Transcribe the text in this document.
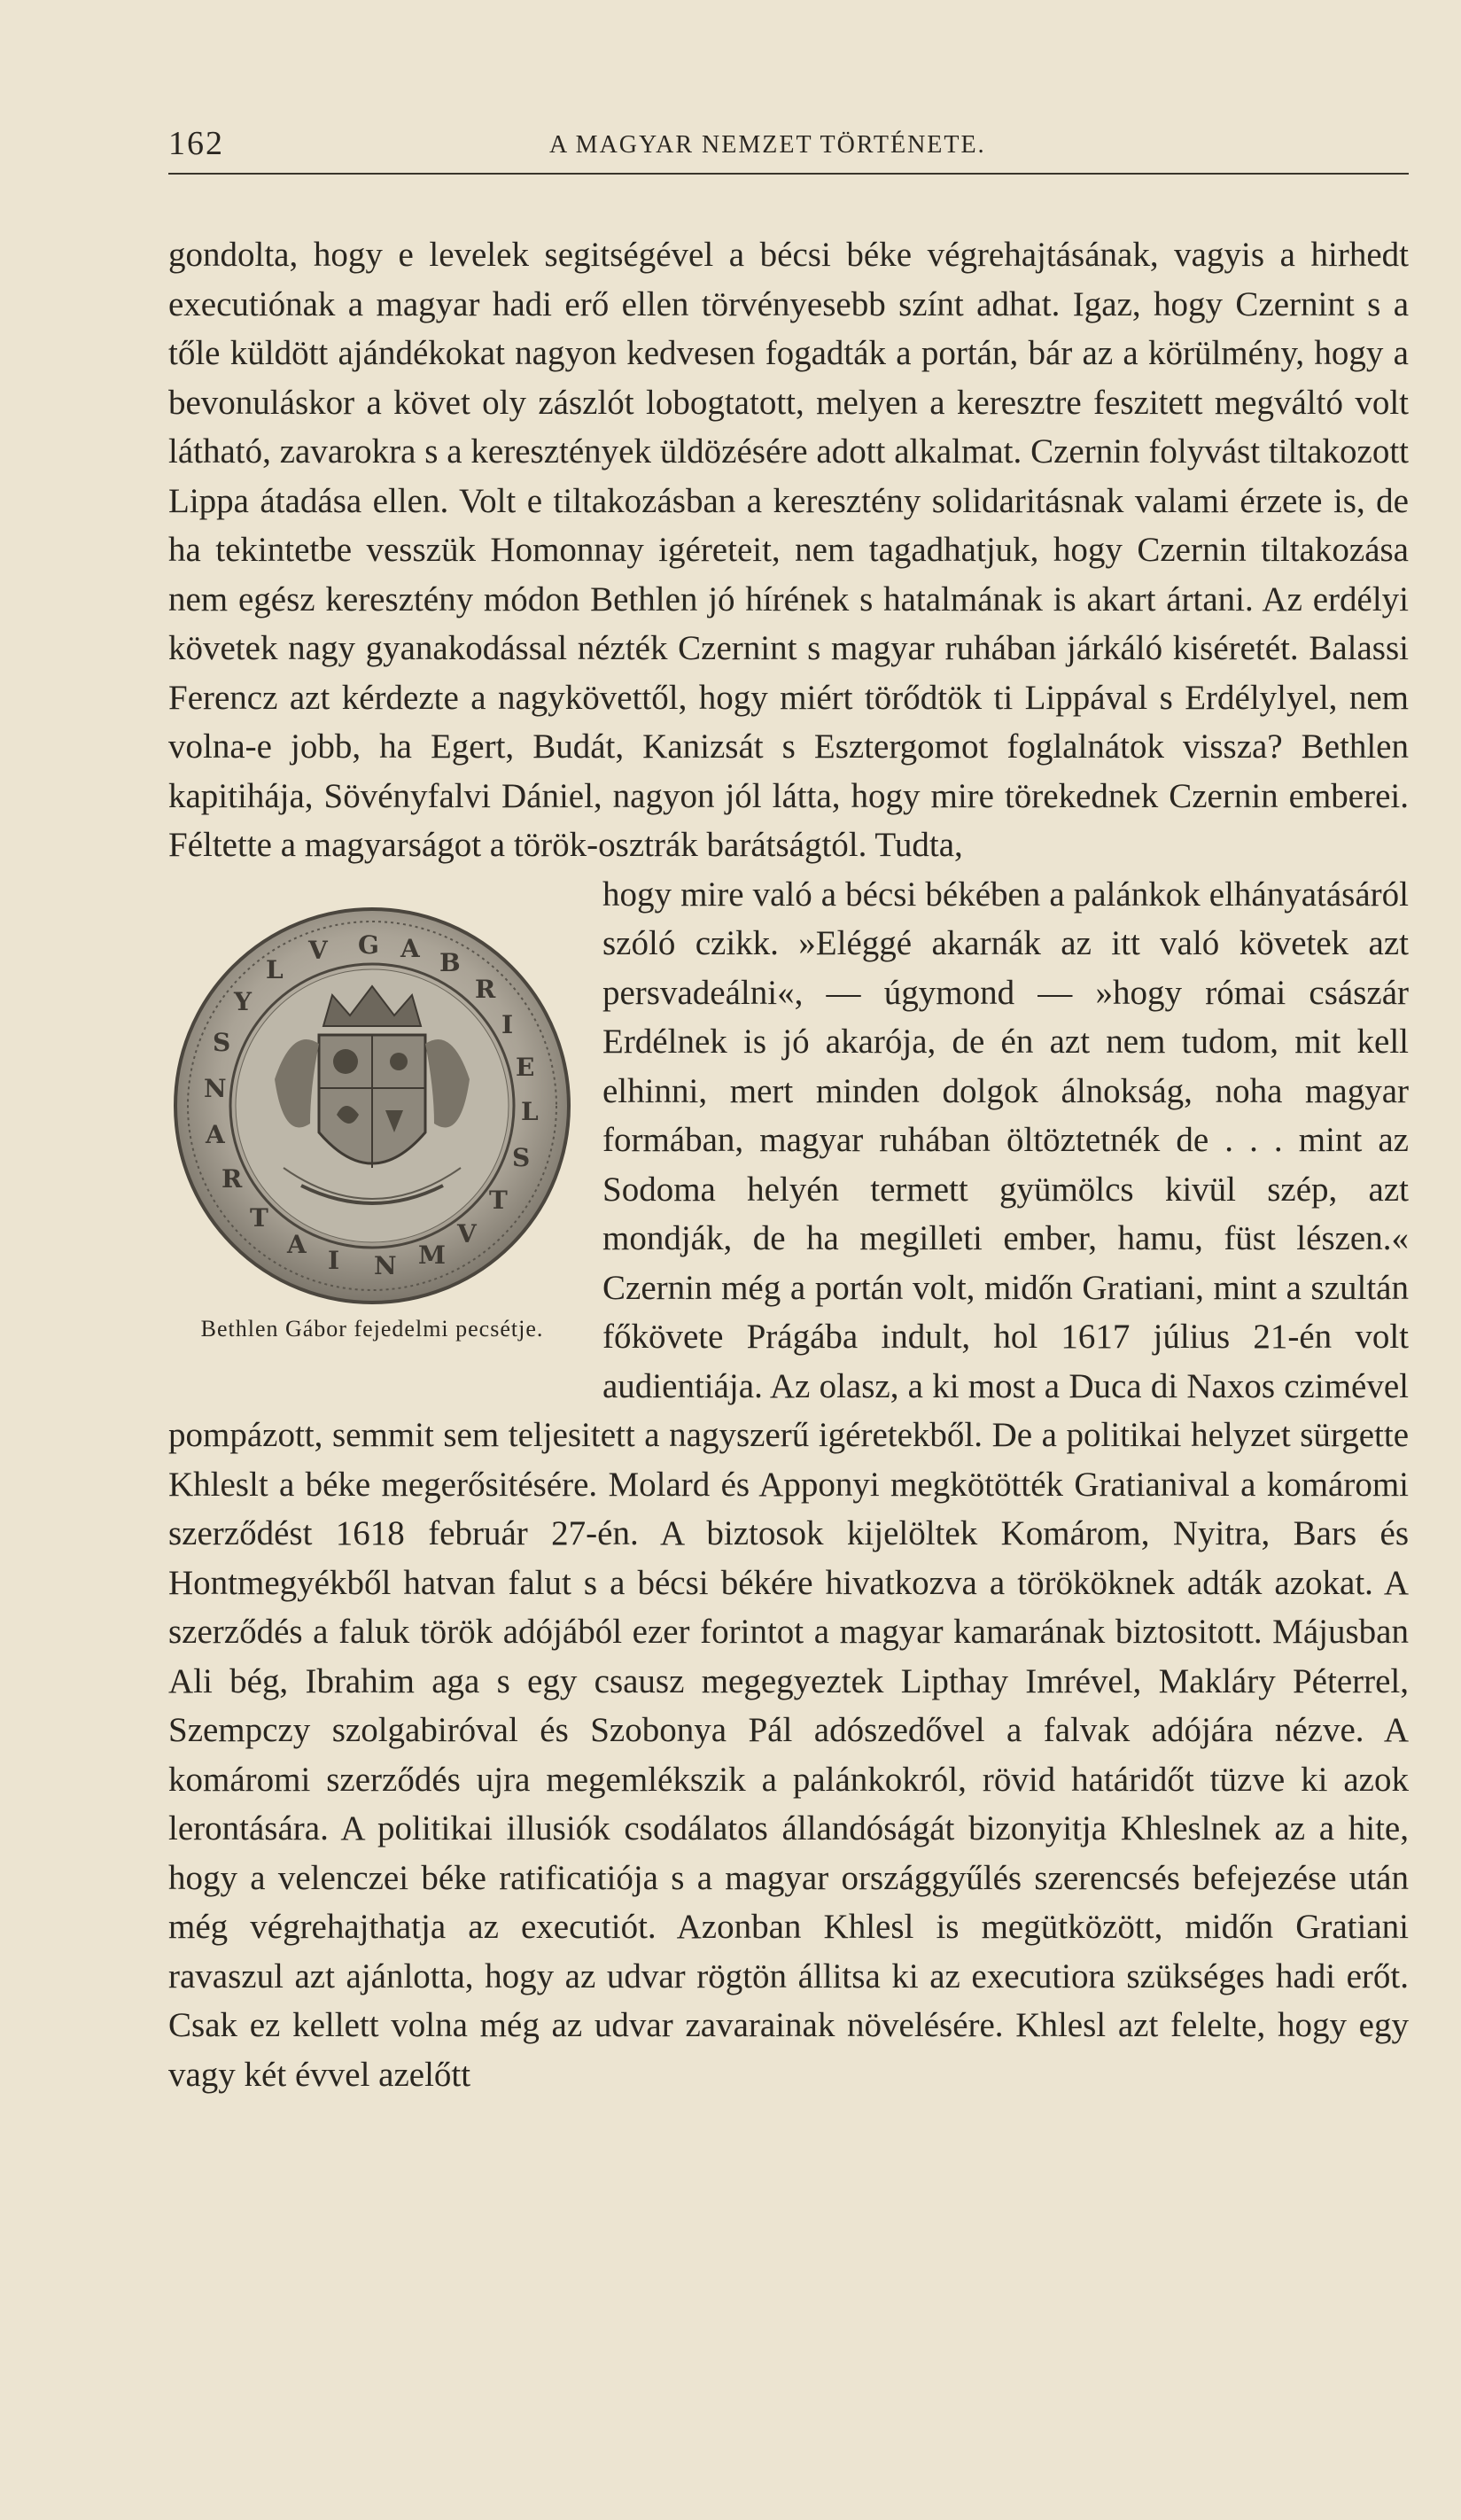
162	A MAGYAR NEMZET TÖRTÉNETE.

gondolta, hogy e levelek segitségével a bécsi béke végrehajtásának, vagyis a hirhedt executiónak a magyar hadi erő ellen törvényesebb színt adhat. Igaz, hogy Czernint s a tőle küldött ajándékokat nagyon kedvesen fogadták a portán, bár az a körülmény, hogy a bevonuláskor a követ oly zászlót lobogtatott, melyen a keresztre feszitett megváltó volt látható, zavarokra s a keresztények üldözésére adott alkalmat. Czernin folyvást tiltakozott Lippa átadása ellen. Volt e tiltakozásban a keresztény solidaritásnak valami érzete is, de ha tekintetbe vesszük Homonnay igéreteit, nem tagadhatjuk, hogy Czernin tiltakozása nem egész keresztény módon Bethlen jó hírének s hatalmának is akart ártani. Az erdélyi követek nagy gyanakodással nézték Czernint s magyar ruhában járkáló kiséretét. Balassi Ferencz azt kérdezte a nagykövettől, hogy miért törődtök ti Lippával s Erdélylyel, nem volna-e jobb, ha Egert, Budát, Kanizsát s Esztergomot foglalnátok vissza? Bethlen kapitihája, Sövényfalvi Dániel, nagyon jól látta, hogy mire törekednek Czernin emberei. Féltette a magyarságot a török-osztrák barátságtól. Tudta,

G A B
R
I
E
L
S
T
V
M
N
I
A
T
R
A
N
S
Y
L
V
Bethlen Gábor fejedelmi pecsétje.

hogy mire való a bécsi békében a palánkok elhányatásáról szóló czikk. »Eléggé akarnák az itt való követek azt persvadeálni«, — úgymond — »hogy római császár Erdélnek is jó akarója, de én azt nem tudom, mit kell elhinni, mert minden dolgok álnokság, noha magyar formában, magyar ruhában öltöztetnék de . . . mint az Sodoma helyén termett gyümölcs kivül szép, azt mondják, de ha megilleti ember, hamu, füst lészen.« Czernin még a portán volt, midőn Gratiani, mint a szultán főkövete Prágába indult, hol 1617 július 21-én volt audientiája. Az olasz, a ki most a Duca di Naxos czimével pompázott, semmit sem teljesitett a nagyszerű igéretekből. De a politikai helyzet sürgette Khleslt a béke megerősitésére. Molard és Apponyi megkötötték Gratianival a komáromi szerződést 1618 február 27-én. A biztosok kijelöltek Komárom, Nyitra, Bars és Hontmegyékből hatvan falut s a bécsi békére hivatkozva a törököknek adták azokat. A szerződés a faluk török adójából ezer forintot a magyar kamarának biztositott. Májusban Ali bég, Ibrahim aga s egy csausz megegyeztek Lipthay Imrével, Makláry Péterrel, Szempczy szolgabiróval és Szobonya Pál adószedővel a falvak adójára nézve. A komáromi szerződés ujra megemlékszik a palánkokról, rövid határidőt tüzve ki azok lerontására. A politikai illusiók csodálatos állandóságát bizonyitja Khleslnek az a hite, hogy a velenczei béke ratificatiója s a magyar országgyűlés szerencsés befejezése után még végrehajthatja az executiót. Azonban Khlesl is megütközött, midőn Gratiani ravaszul azt ajánlotta, hogy az udvar rögtön állitsa ki az executiora szükséges hadi erőt. Csak ez kellett volna még az udvar zavarainak növelésére. Khlesl azt felelte, hogy egy vagy két évvel azelőtt
